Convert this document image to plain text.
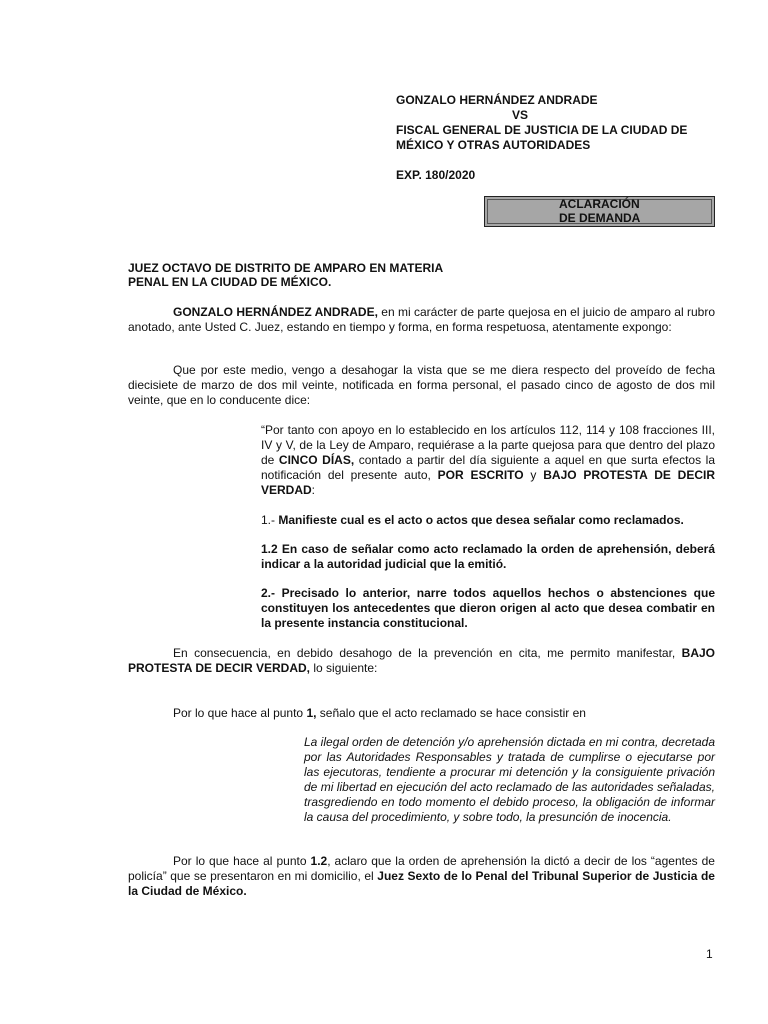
GONZALO HERNÁNDEZ ANDRADE
VS
FISCAL GENERAL DE JUSTICIA DE LA CIUDAD DE
MÉXICO Y OTRAS AUTORIDADES
EXP. 180/2020
ACLARACIÓN
DE DEMANDA
JUEZ OCTAVO DE DISTRITO DE AMPARO EN MATERIA
PENAL EN LA CIUDAD DE MÉXICO.
GONZALO HERNÁNDEZ ANDRADE, en mi carácter de parte quejosa en el juicio de amparo al rubro anotado, ante Usted C. Juez, estando en tiempo y forma, en forma respetuosa, atentamente expongo:
Que por este medio, vengo a desahogar la vista que se me diera respecto del proveído de fecha diecisiete de marzo de dos mil veinte, notificada en forma personal, el pasado cinco de agosto de dos mil veinte, que en lo conducente dice:
“Por tanto con apoyo en lo establecido en los artículos 112, 114 y 108 fracciones III, IV y V, de la Ley de Amparo, requiérase a la parte quejosa para que dentro del plazo de CINCO DÍAS, contado a partir del día siguiente a aquel en que surta efectos la notificación del presente auto, POR ESCRITO y BAJO PROTESTA DE DECIR VERDAD:
1.- Manifieste cual es el acto o actos que desea señalar como reclamados.
1.2 En caso de señalar como acto reclamado la orden de aprehensión, deberá indicar a la autoridad judicial que la emitió.
2.- Precisado lo anterior, narre todos aquellos hechos o abstenciones que constituyen los antecedentes que dieron origen al acto que desea combatir en la presente instancia constitucional.
En consecuencia, en debido desahogo de la prevención en cita, me permito manifestar, BAJO PROTESTA DE DECIR VERDAD, lo siguiente:
Por lo que hace al punto 1, señalo que el acto reclamado se hace consistir en
La ilegal orden de detención y/o aprehensión dictada en mi contra, decretada por las Autoridades Responsables y tratada de cumplirse o ejecutarse por las ejecutoras, tendiente a procurar mi detención y la consiguiente privación de mi libertad en ejecución del acto reclamado de las autoridades señaladas, trasgrediendo en todo momento el debido proceso, la obligación de informar la causa del procedimiento, y sobre todo, la presunción de inocencia.
Por lo que hace al punto 1.2, aclaro que la orden de aprehensión la dictó a decir de los “agentes de policía” que se presentaron en mi domicilio, el Juez Sexto de lo Penal del Tribunal Superior de Justicia de la Ciudad de México.
1
